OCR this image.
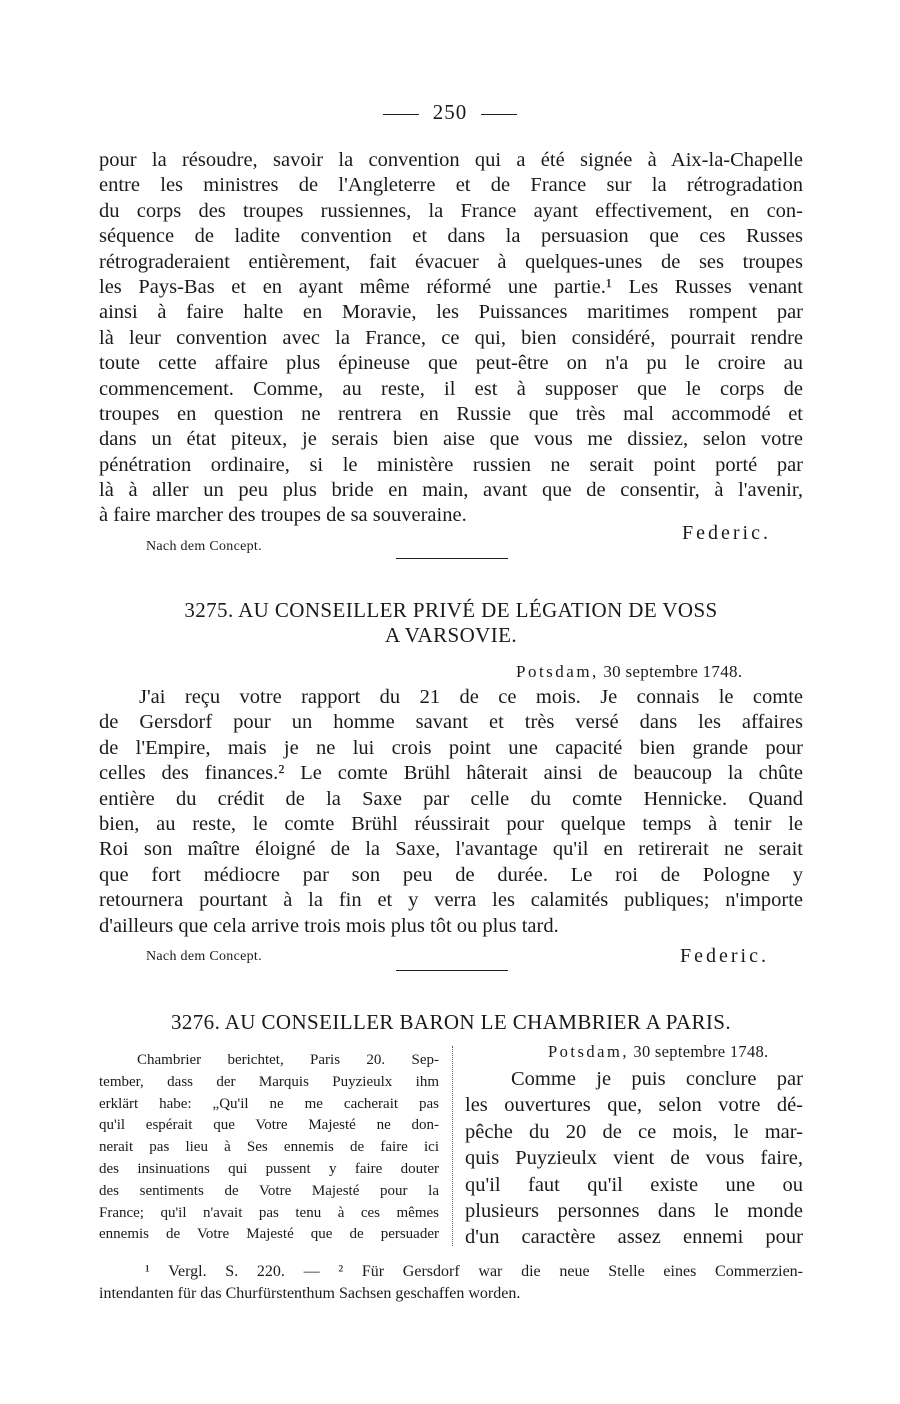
250
pour la résoudre, savoir la convention qui a été signée à Aix-la-Chapelle
entre les ministres de l'Angleterre et de France sur la rétrogradation
du corps des troupes russiennes, la France ayant effectivement, en con-
séquence de ladite convention et dans la persuasion que ces Russes
rétrograderaient entièrement, fait évacuer à quelques-unes de ses troupes
les Pays-Bas et en ayant même réformé une partie.¹ Les Russes venant
ainsi à faire halte en Moravie, les Puissances maritimes rompent par
là leur convention avec la France, ce qui, bien considéré, pourrait rendre
toute cette affaire plus épineuse que peut-être on n'a pu le croire au
commencement. Comme, au reste, il est à supposer que le corps de
troupes en question ne rentrera en Russie que très mal accommodé et
dans un état piteux, je serais bien aise que vous me dissiez, selon votre
pénétration ordinaire, si le ministère russien ne serait point porté par
là à aller un peu plus bride en main, avant que de consentir, à l'avenir,
à faire marcher des troupes de sa souveraine.
Federic.
Nach dem Concept.
3275. AU CONSEILLER PRIVÉ DE LÉGATION DE VOSS
A VARSOVIE.
Potsdam, 30 septembre 1748.
J'ai reçu votre rapport du 21 de ce mois. Je connais le comte
de Gersdorf pour un homme savant et très versé dans les affaires
de l'Empire, mais je ne lui crois point une capacité bien grande pour
celles des finances.² Le comte Brühl hâterait ainsi de beaucoup la chûte
entière du crédit de la Saxe par celle du comte Hennicke. Quand
bien, au reste, le comte Brühl réussirait pour quelque temps à tenir le
Roi son maître éloigné de la Saxe, l'avantage qu'il en retirerait ne serait
que fort médiocre par son peu de durée. Le roi de Pologne y
retournera pourtant à la fin et y verra les calamités publiques; n'importe
d'ailleurs que cela arrive trois mois plus tôt ou plus tard.
Nach dem Concept.	Federic.
3276. AU CONSEILLER BARON LE CHAMBRIER A PARIS.
Chambrier berichtet, Paris 20. Sep-
tember, dass der Marquis Puyzieulx ihm
erklärt habe: „Qu'il ne me cacherait pas
qu'il espérait que Votre Majesté ne don-
nerait pas lieu à Ses ennemis de faire ici
des insinuations qui pussent y faire douter
des sentiments de Votre Majesté pour la
France; qu'il n'avait pas tenu à ces mêmes
ennemis de Votre Majesté que de persuader
Potsdam, 30 septembre 1748.
Comme je puis conclure par
les ouvertures que, selon votre dé-
pêche du 20 de ce mois, le mar-
quis Puyzieulx vient de vous faire,
qu'il faut qu'il existe une ou
plusieurs personnes dans le monde
d'un caractère assez ennemi pour
¹ Vergl. S. 220. — ² Für Gersdorf war die neue Stelle eines Commerzien-
intendanten für das Churfürstenthum Sachsen geschaffen worden.
